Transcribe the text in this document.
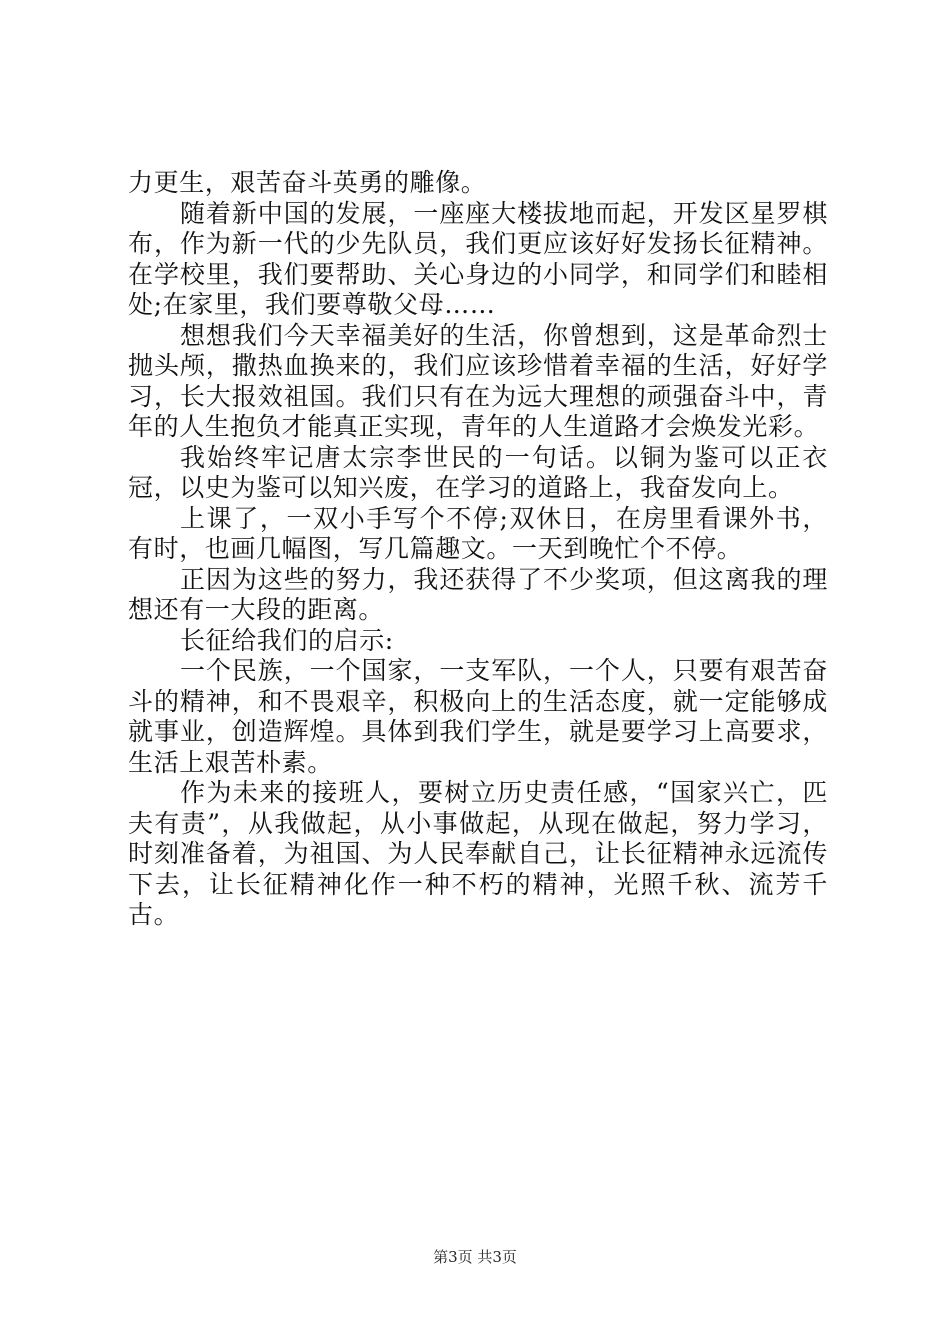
力更生，艰苦奋斗英勇的雕像。

随着新中国的发展，一座座大楼拔地而起，开发区星罗棋布，作为新一代的少先队员，我们更应该好好发扬长征精神。在学校里，我们要帮助、关心身边的小同学，和同学们和睦相处;在家里，我们要尊敬父母……

想想我们今天幸福美好的生活，你曾想到，这是革命烈士抛头颅，撒热血换来的，我们应该珍惜着幸福的生活，好好学习，长大报效祖国。我们只有在为远大理想的顽强奋斗中，青年的人生抱负才能真正实现，青年的人生道路才会焕发光彩。

我始终牢记唐太宗李世民的一句话。以铜为鉴可以正衣冠，以史为鉴可以知兴废，在学习的道路上，我奋发向上。

上课了，一双小手写个不停;双休日，在房里看课外书，有时，也画几幅图，写几篇趣文。一天到晚忙个不停。

正因为这些的努力，我还获得了不少奖项，但这离我的理想还有一大段的距离。

长征给我们的启示:

一个民族，一个国家，一支军队，一个人，只要有艰苦奋斗的精神，和不畏艰辛，积极向上的生活态度，就一定能够成就事业，创造辉煌。具体到我们学生，就是要学习上高要求，生活上艰苦朴素。

作为未来的接班人，要树立历史责任感，“国家兴亡，匹夫有责”，从我做起，从小事做起，从现在做起，努力学习，时刻准备着，为祖国、为人民奉献自己，让长征精神永远流传下去，让长征精神化作一种不朽的精神，光照千秋、流芳千古。

第3页 共3页
